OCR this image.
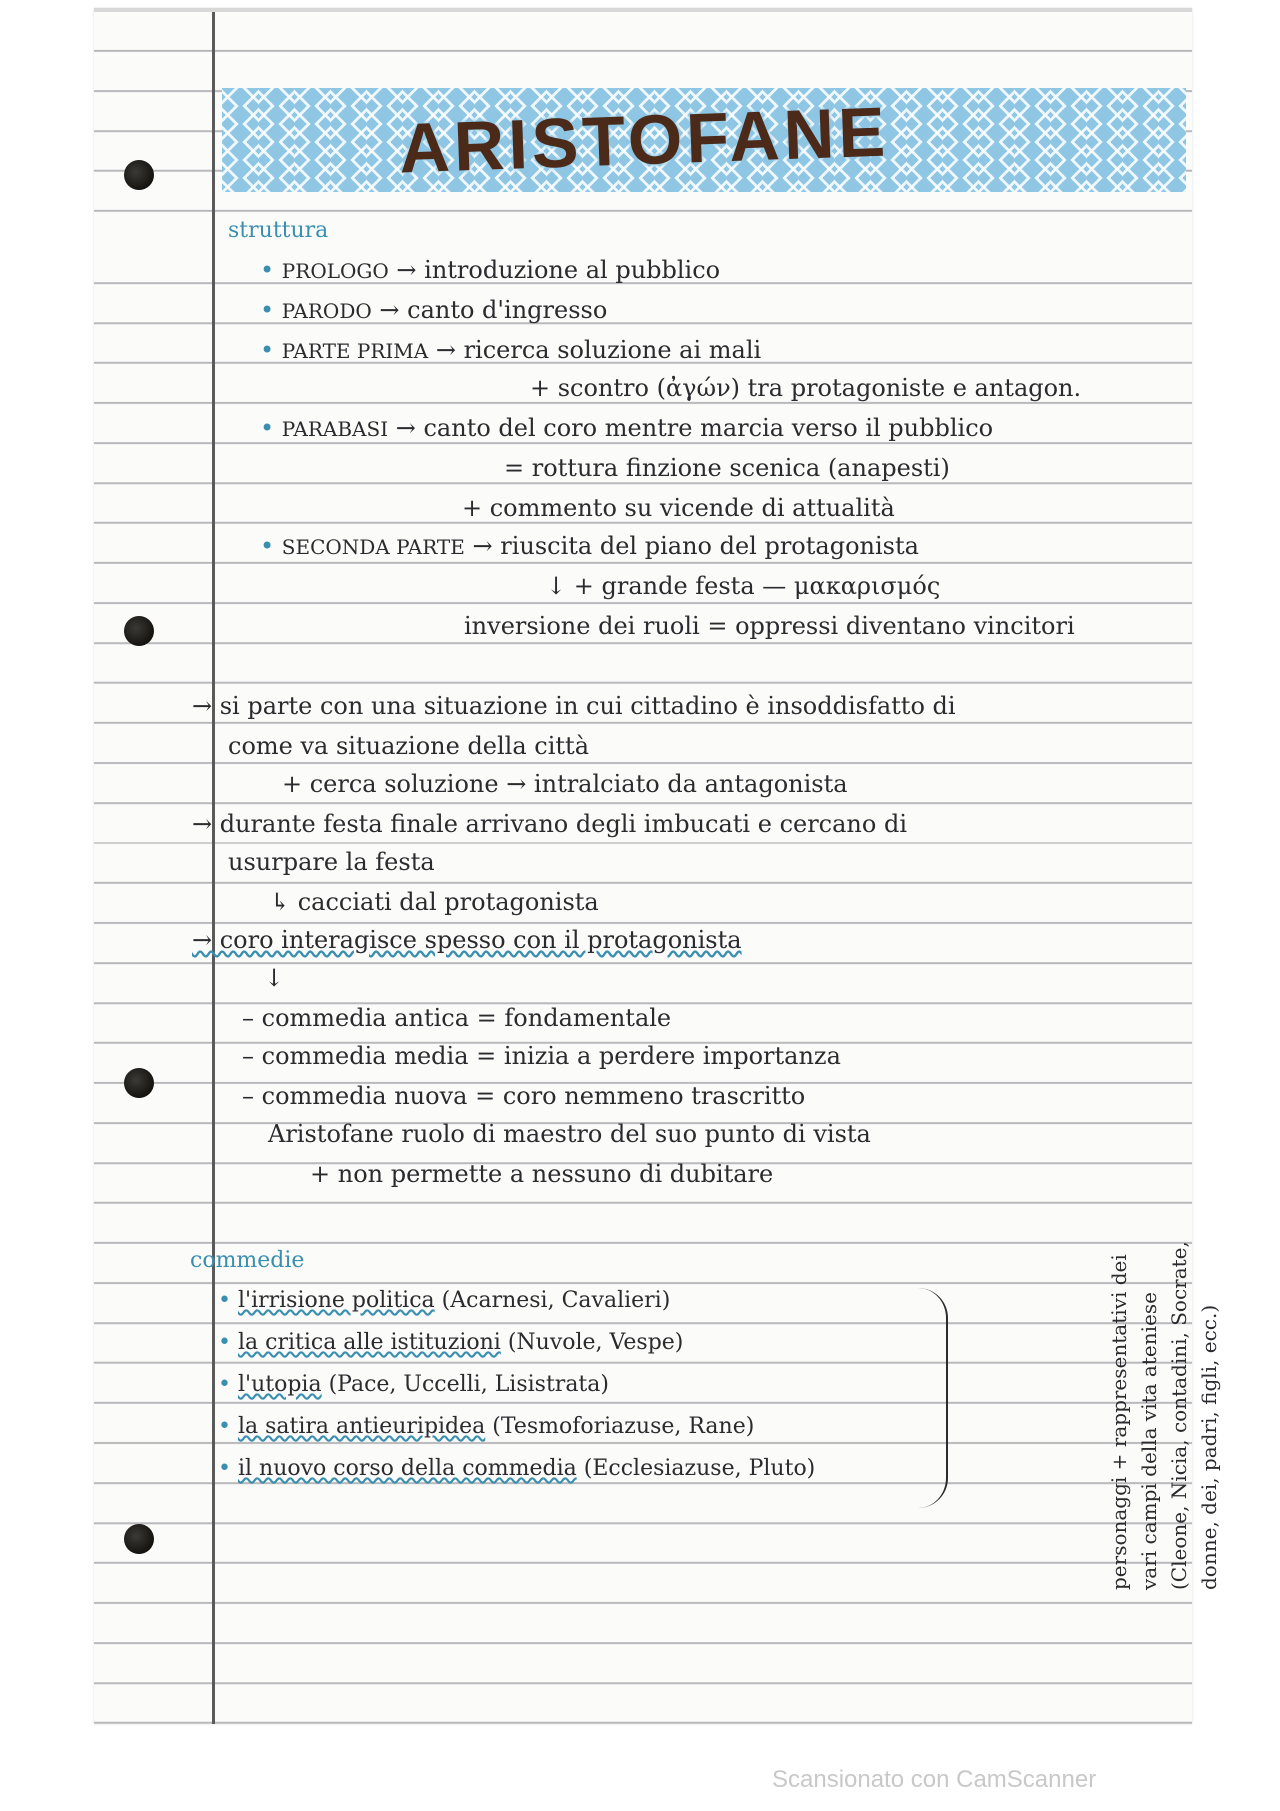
ARISTOFANE
struttura
• PROLOGO → introduzione al pubblico
• PARODO → canto d'ingresso
• PARTE PRIMA → ricerca soluzione ai mali
+ scontro (ἀγών) tra protagoniste e antagon.
• PARABASI → canto del coro mentre marcia verso il pubblico
= rottura finzione scenica (anapesti)
+ commento su vicende di attualità
• SECONDA PARTE → riuscita del piano del protagonista
↓ + grande festa — μακαρισμός
inversione dei ruoli = oppressi diventano vincitori
→ si parte con una situazione in cui cittadino è insoddisfatto di
come va situazione della città
+ cerca soluzione → intralciato da antagonista
→ durante festa finale arrivano degli imbucati e cercano di
usurpare la festa
↳ cacciati dal protagonista
→ coro interagisce spesso con il protagonista
↓
– commedia antica = fondamentale
– commedia media = inizia a perdere importanza
– commedia nuova = coro nemmeno trascritto
Aristofane ruolo di maestro del suo punto di vista
+ non permette a nessuno di dubitare
commedie
• l'irrisione politica (Acarnesi, Cavalieri)
• la critica alle istituzioni (Nuvole, Vespe)
• l'utopia (Pace, Uccelli, Lisistrata)
• la satira antieuripidea (Tesmoforiazuse, Rane)
• il nuovo corso della commedia (Ecclesiazuse, Pluto)	personaggi + rappresentativi dei vari campi della vita ateniese (Cleone, Nicia, contadini, Socrate, donne, dei, padri, figli, ecc.)
Scansionato con CamScanner
